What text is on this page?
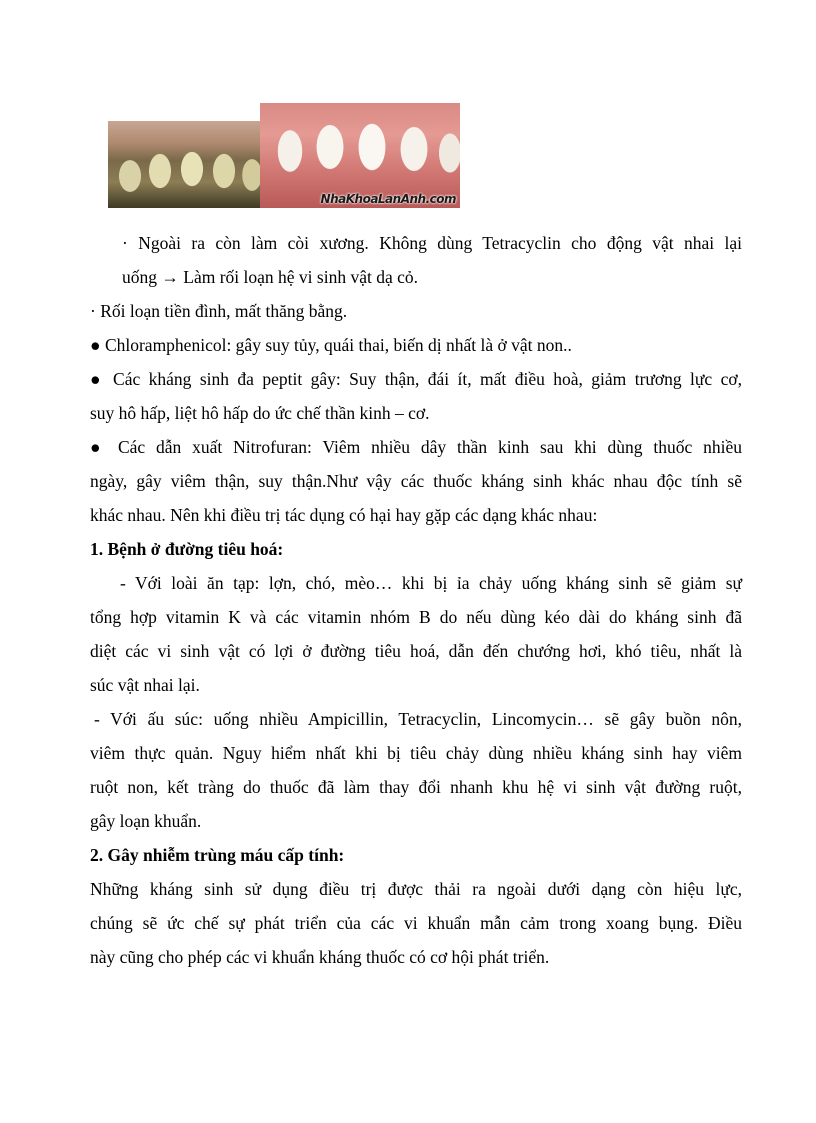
NhaKhoaLanAnh.com
· Ngoài ra còn làm còi xương. Không dùng Tetracyclin cho động vật nhai lại
uống → Làm rối loạn hệ vi sinh vật dạ cỏ.
· Rối loạn tiền đình, mất thăng bằng.
● Chloramphenicol: gây suy tủy, quái thai, biến dị nhất là ở vật non..
● Các kháng sinh đa peptit gây: Suy thận, đái ít, mất điều hoà, giảm trương lực cơ,
suy hô hấp, liệt hô hấp do ức chế thần kinh – cơ.
● Các dẫn xuất Nitrofuran: Viêm nhiều dây thần kinh sau khi dùng thuốc nhiều
ngày, gây viêm thận, suy thận.Như vậy các thuốc kháng sinh khác nhau độc tính sẽ
khác nhau. Nên khi điều trị tác dụng có hại hay gặp các dạng khác nhau:
1. Bệnh ở đường tiêu hoá:
- Với loài ăn tạp: lợn, chó, mèo… khi bị ỉa chảy uống kháng sinh sẽ giảm sự
tổng hợp vitamin K và các vitamin nhóm B do nếu dùng kéo dài do kháng sinh đã
diệt các vi sinh vật có lợi ở đường tiêu hoá, dẫn đến chướng hơi, khó tiêu, nhất là
súc vật nhai lại.
- Với ấu súc: uống nhiều Ampicillin, Tetracyclin, Lincomycin… sẽ gây buồn nôn,
viêm thực quản. Nguy hiểm nhất khi bị tiêu chảy dùng nhiều kháng sinh hay viêm
ruột non, kết tràng do thuốc đã làm thay đổi nhanh khu hệ vi sinh vật đường ruột,
gây loạn khuẩn.
2. Gây nhiễm trùng máu cấp tính:
Những kháng sinh sử dụng điều trị được thải ra ngoài dưới dạng còn hiệu lực,
chúng sẽ ức chế sự phát triển của các vi khuẩn mẫn cảm trong xoang bụng. Điều
này cũng cho phép các vi khuẩn kháng thuốc có cơ hội phát triển.
